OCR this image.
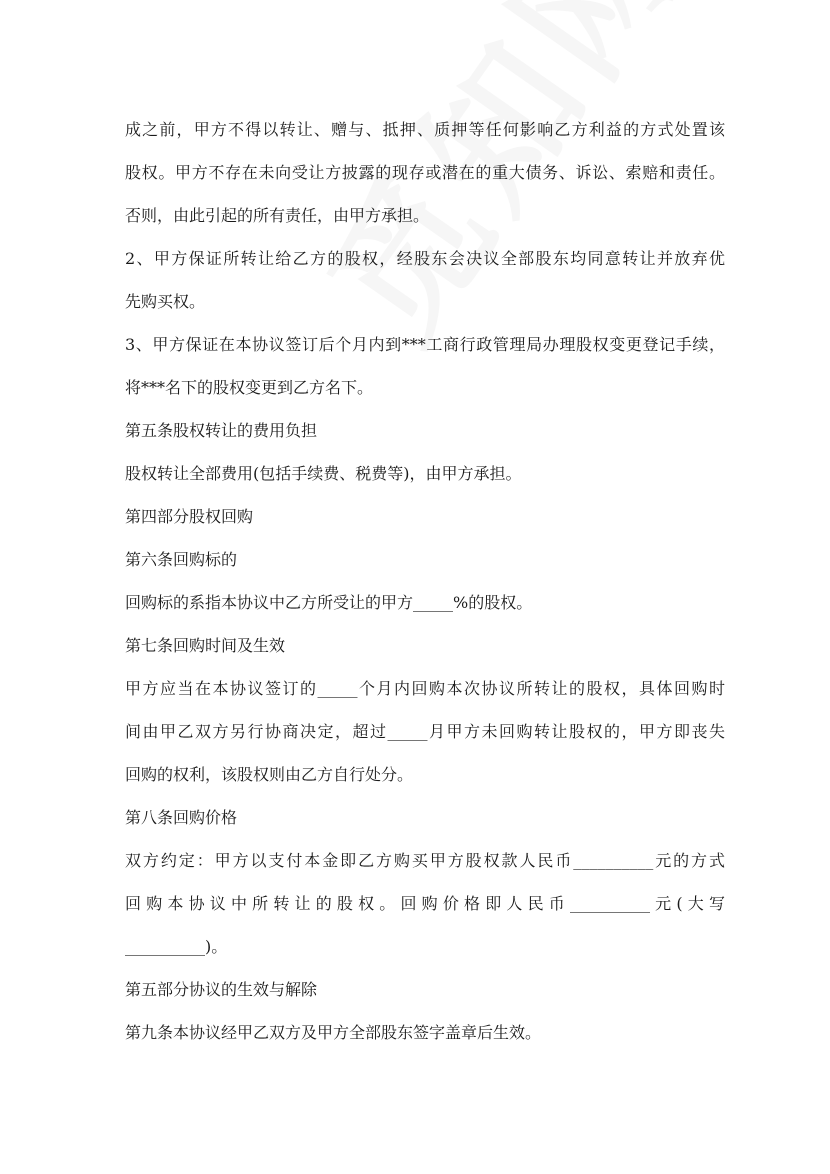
成之前，甲方不得以转让、赠与、抵押、质押等任何影响乙方利益的方式处置该
股权。甲方不存在未向受让方披露的现存或潜在的重大债务、诉讼、索赔和责任。
否则，由此引起的所有责任，由甲方承担。
2、甲方保证所转让给乙方的股权，经股东会决议全部股东均同意转让并放弃优
先购买权。
3、甲方保证在本协议签订后个月内到***工商行政管理局办理股权变更登记手续，
将***名下的股权变更到乙方名下。
第五条股权转让的费用负担
股权转让全部费用(包括手续费、税费等)，由甲方承担。
第四部分股权回购
第六条回购标的
回购标的系指本协议中乙方所受让的甲方_____%的股权。
第七条回购时间及生效
甲方应当在本协议签订的_____个月内回购本次协议所转让的股权，具体回购时
间由甲乙双方另行协商决定，超过_____月甲方未回购转让股权的，甲方即丧失
回购的权利，该股权则由乙方自行处分。
第八条回购价格
双方约定：甲方以支付本金即乙方购买甲方股权款人民币__________元的方式
回购本协议中所转让的股权。回购价格即人民币__________元(大写
__________)。
第五部分协议的生效与解除
第九条本协议经甲乙双方及甲方全部股东签字盖章后生效。
